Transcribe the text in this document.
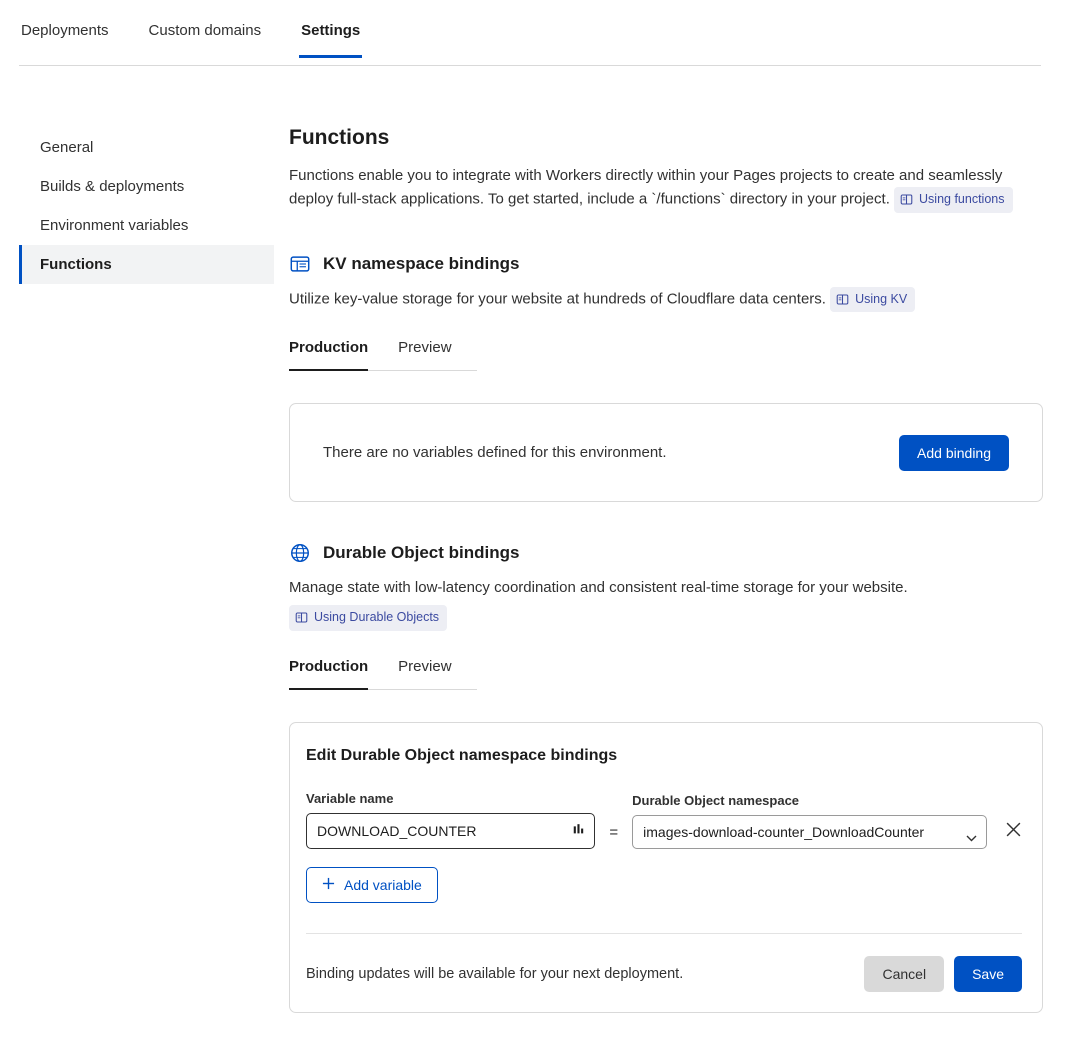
Deployments	Custom domains	Settings
General
Builds & deployments
Environment variables
Functions
Functions

Functions enable you to integrate with Workers directly within your Pages projects to create and seamlessly deploy full-stack applications. To get started, include a `/functions` directory in your project. Using functions

KV namespace bindings

Utilize key-value storage for your website at hundreds of Cloudflare data centers. Using KV

Production Preview
There are no variables defined for this environment.	Add binding
Durable Object bindings

Manage state with low-latency coordination and consistent real-time storage for your website.

Using Durable Objects

Production Preview
Edit Durable Object namespace bindings
Variable name
DOWNLOAD_COUNTER
=
Durable Object namespace
images-download-counter_DownloadCounter
Add variable
Binding updates will be available for your next deployment.	Cancel	Save
